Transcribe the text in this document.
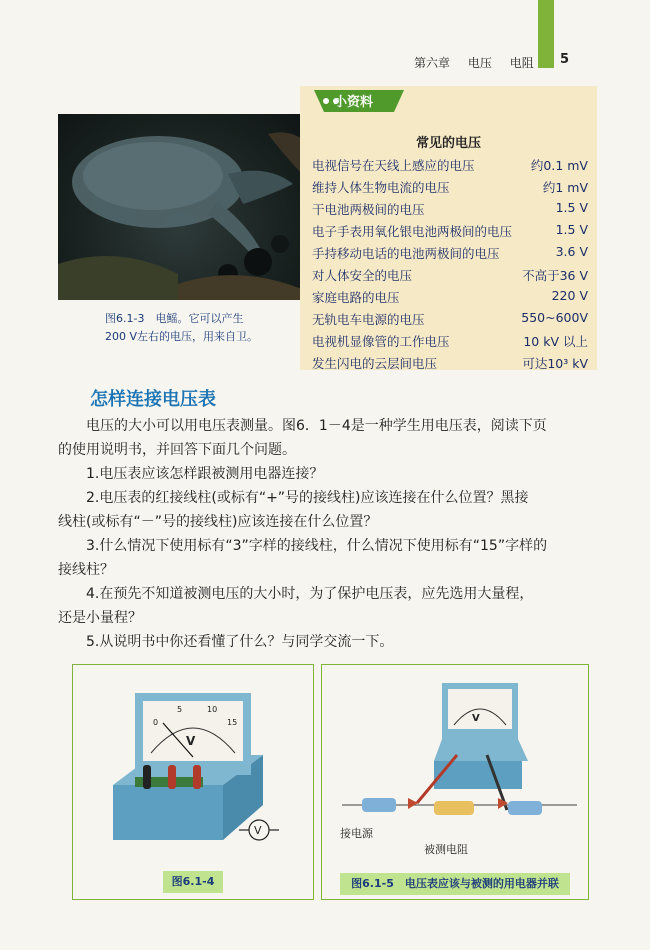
第六章 电压 电阻	5
图6.1-3　电鳐。它可以产生
200 V左右的电压，用来自卫。
小资料
常见的电压
电视信号在天线上感应的电压	约0.1 mV
维持人体生物电流的电压	约1 mV
干电池两极间的电压	1.5 V
电子手表用氧化银电池两极间的电压	1.5 V
手持移动电话的电池两极间的电压	3.6 V
对人体安全的电压	不高于36 V
家庭电路的电压	220 V
无轨电车电源的电压	550~600V
电视机显像管的工作电压	10 kV 以上
发生闪电的云层间电压	可达10³ kV
怎样连接电压表
电压的大小可以用电压表测量。图6．1－4是一种学生用电压表，阅读下页
的使用说明书，并回答下面几个问题。
1.电压表应该怎样跟被测用电器连接？
2.电压表的红接线柱(或标有“+”号的接线柱)应该连接在什么位置？黑接
线柱(或标有“－”号的接线柱)应该连接在什么位置？
3.什么情况下使用标有“3”字样的接线柱，什么情况下使用标有“15”字样的
接线柱？
4.在预先不知道被测电压的大小时，为了保护电压表，应先选用大量程，
还是小量程？
5.从说明书中你还看懂了什么？与同学交流一下。
0
5	10
15
V
V
图6.1-4
V
接电源
被测电阻
图6.1-5　电压表应该与被测的用电器并联
